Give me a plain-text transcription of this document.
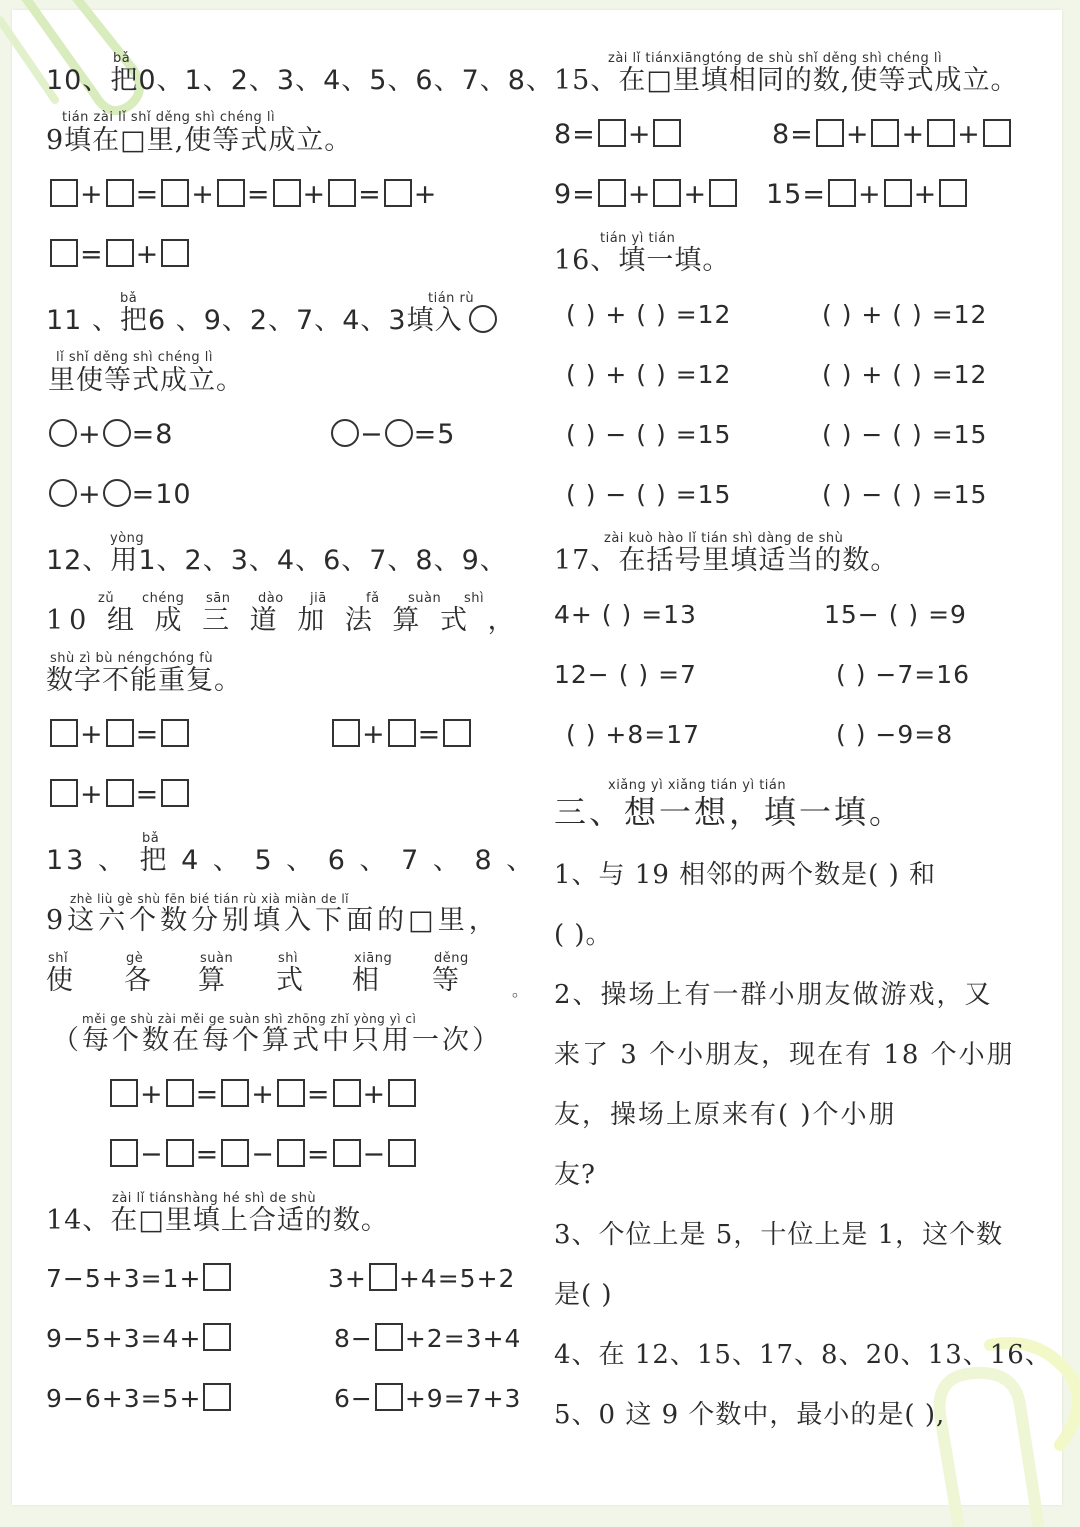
bǎ
10、把0、1、2、3、4、5、6、7、8、
tián zài lǐ shǐ děng shì chéng lì
9填在□里,使等式成立。
+ = + = + = +
= +
bǎ	tián rù
11 、把6 、9、2、7、4、3填入
lǐ shǐ děng shì chéng lì
里使等式成立。
+ =8	− =5
+ =10
yòng
12、用1、2、3、4、6、7、8、9、
zǔ chéng sān dào jiā	fǎ suàn shì
10 组 成 三 道 加 法 算 式 ，
shù zì bù néngchóng fù
数字不能重复。
+ =	+ =
+ =
bǎ
13 、 把 4 、 5 、 6 、 7 、 8 、
zhè liù gè shù fēn bié tián rù xià miàn de lǐ
9这六个数分别填入下面的□里，
shǐ
使
gè
各
suàn
算
shì
式
xiāng
相
děng
等	。
měi ge shù zài měi ge suàn shì zhōng zhǐ yòng yì cì
（每个数在每个算式中只用一次）
+ = + = +
− = − = −
zài lǐ tiánshàng hé shì de shù
14、在□里填上合适的数。
7−5+3=1+	3+ +4=5+2
9−5+3=4+	8− +2=3+4
9−6+3=5+	6− +9=7+3
zài lǐ tiánxiāngtóng de shù shǐ děng shì chéng lì
15、在□里填相同的数,使等式成立。
8= +	8= + + +
9= + +	15= + +
tián yì tián
16、填一填。
( ) + ( ) =12	( ) + ( ) =12
( ) + ( ) =12	( ) + ( ) =12
( ) − ( ) =15	( ) − ( ) =15
( ) − ( ) =15	( ) − ( ) =15
zài kuò hào lǐ tián shì dàng de shù
17、在括号里填适当的数。
4+ ( ) =13	15− ( ) =9
12− ( ) =7	( ) −7=16
( ) +8=17	( ) −9=8
xiǎng yì xiǎng tián yì tián
三、想一想，填一填。
1、与 19 相邻的两个数是( ) 和
( )。
2、操场上有一群小朋友做游戏，又
来了 3 个小朋友，现在有 18 个小朋
友，操场上原来有( )个小朋
友?
3、个位上是 5，十位上是 1，这个数
是( )
4、在 12、15、17、8、20、13、16、
5、0 这 9 个数中，最小的是( ),
